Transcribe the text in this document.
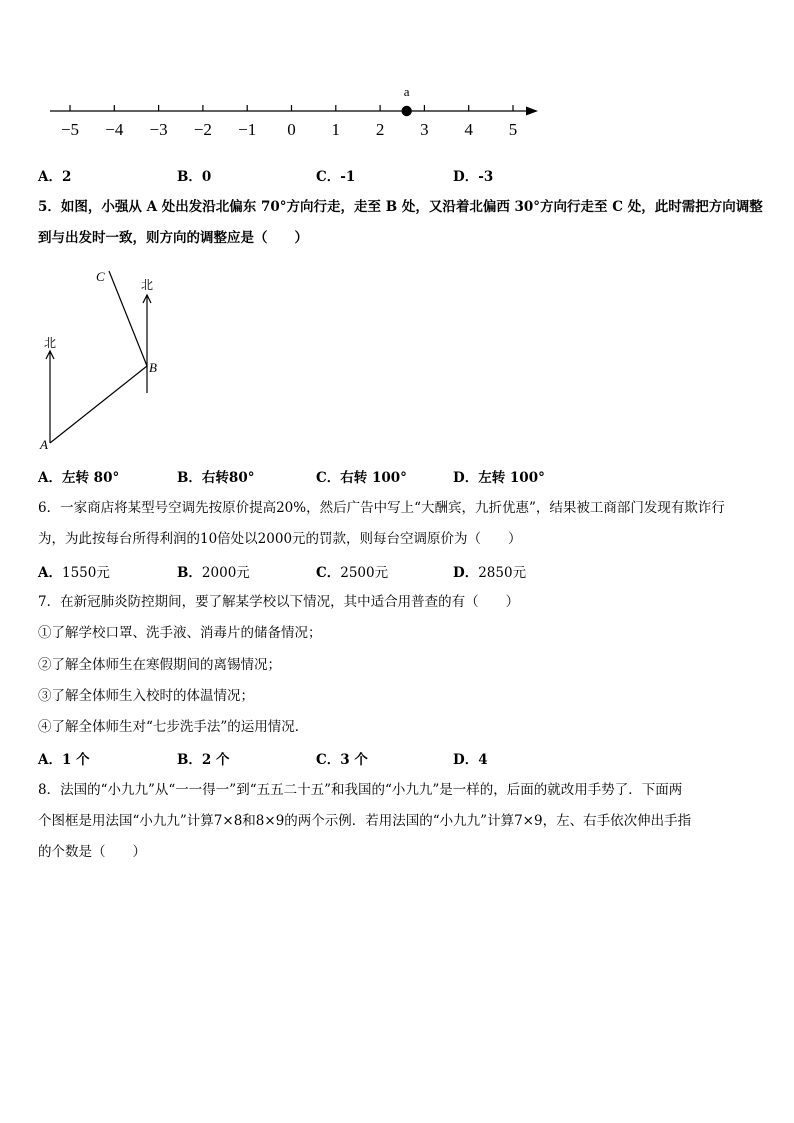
−5 −4 −3 −2 −1 0 1 2 3 4 5
a
A．2	B．0	C．-1	D．-3
5．如图，小强从 A 处出发沿北偏东 70°方向行走，走至 B 处，又沿着北偏西 30°方向行走至 C 处，此时需把方向调整
到与出发时一致，则方向的调整应是（　　）
A
B
C
北
北
A．左转 80°	B．右转80°	C．右转 100°	D．左转 100°
6．一家商店将某型号空调先按原价提高20%，然后广告中写上“大酬宾，九折优惠”，结果被工商部门发现有欺诈行
为，为此按每台所得利润的10倍处以2000元的罚款，则每台空调原价为（　　）
A．1550元	B．2000元	C．2500元	D．2850元
7．在新冠肺炎防控期间，要了解某学校以下情况，其中适合用普查的有（　　）
①了解学校口罩、洗手液、消毒片的储备情况；
②了解全体师生在寒假期间的离锡情况；
③了解全体师生入校时的体温情况；
④了解全体师生对“七步洗手法”的运用情况．
A．1 个	B．2 个	C．3 个	D．4
8．法国的“小九九”从“一一得一”到“五五二十五”和我国的“小九九”是一样的，后面的就改用手势了．下面两
个图框是用法国“小九九”计算7×8和8×9的两个示例．若用法国的“小九九”计算7×9，左、右手依次伸出手指
的个数是（　　）
